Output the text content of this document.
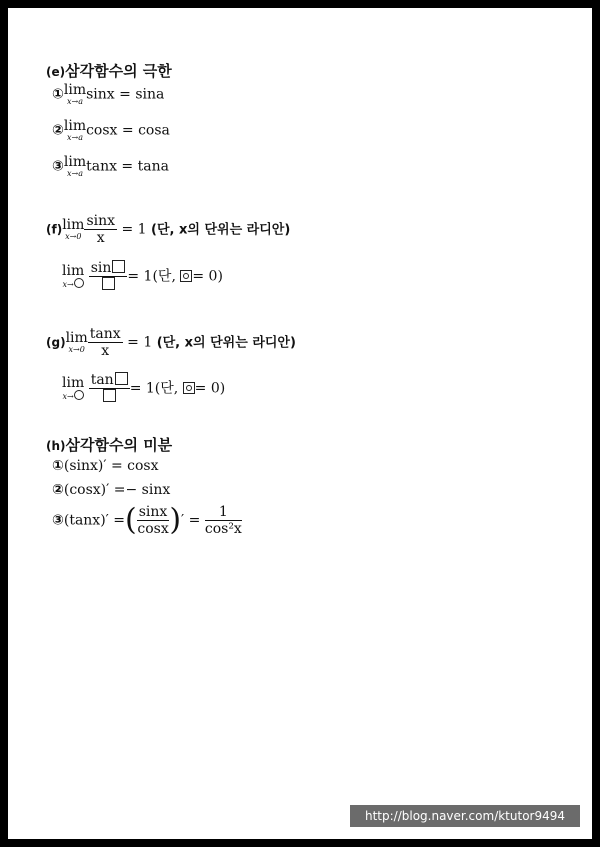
(e)삼각함수의 극한
①lim
x→a sinx = sina
②lim
x→a cosx = cosa
③lim
x→a tanx = tana
(f)lim
$x\to 0 \frac{\sin x}{x} = 1$ (단, x의 단위는 라디안)
lim
x→

sin
= 1(단, = 0)
(g)lim
$x\to 0 \frac{\tan x}{x} = 1$ (단, x의 단위는 라디안)
lim
x→

tan
= 1(단, = 0)
(h)삼각함수의 미분
①(sinx)′ = cosx
②(cosx)′ =− sinx
③(tanx)′ =( $\frac{\sin x}{\cos x}$ )′ = $\frac{1}{\text{cos²x}}$
http://blog.naver.com/ktutor9494
